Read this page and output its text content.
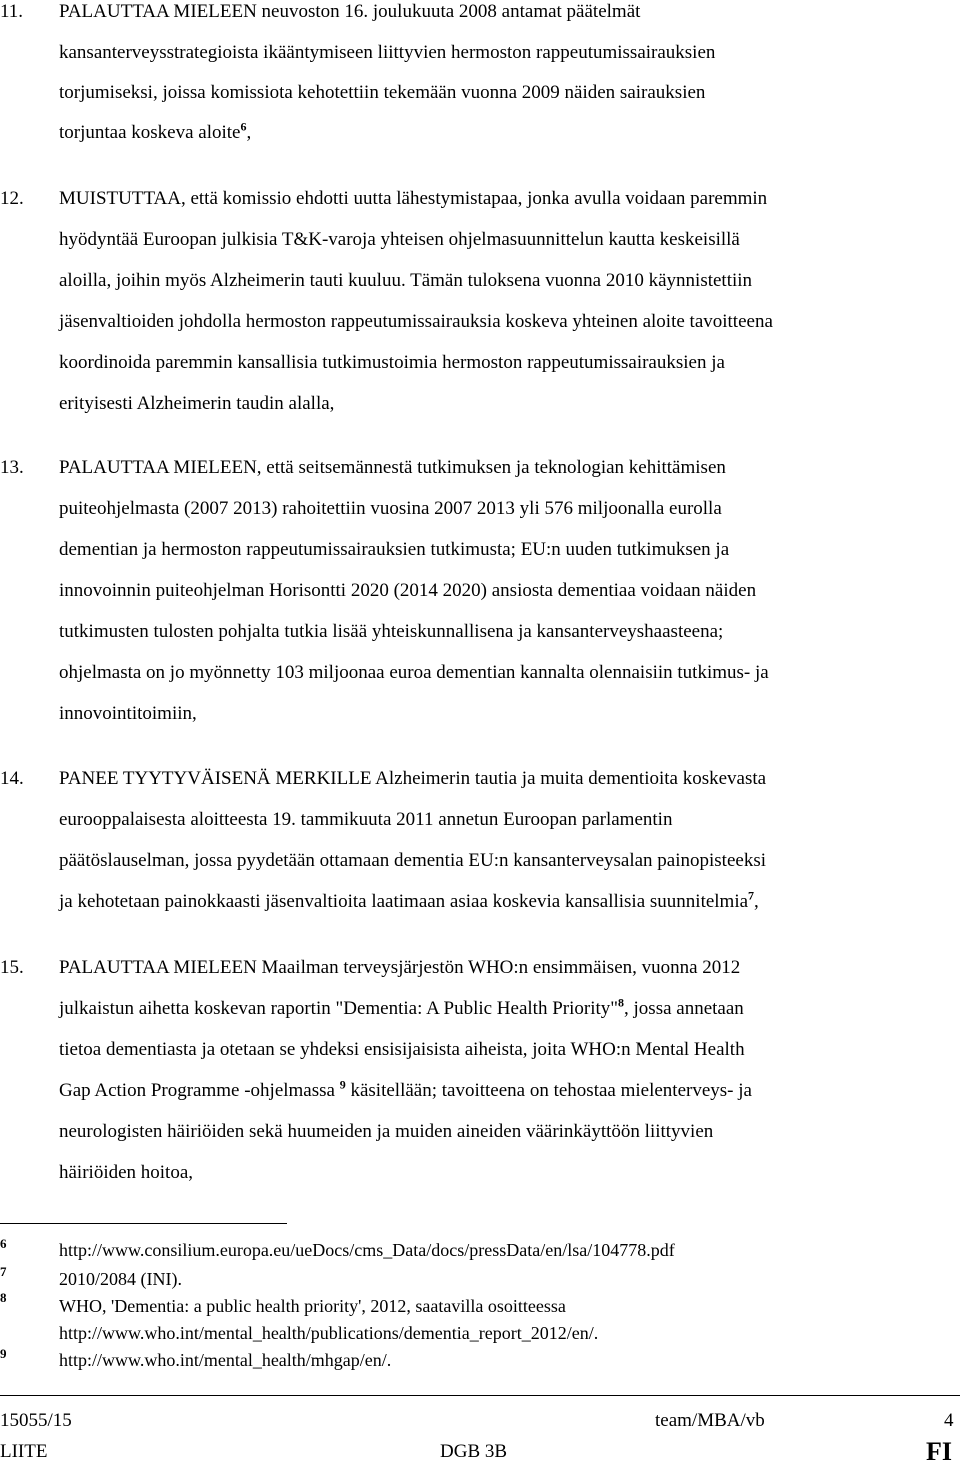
11. PALAUTTAA MIELEEN neuvoston 16. joulukuuta 2008 antamat päätelmät
kansanterveysstrategioista ikääntymiseen liittyvien hermoston rappeutumissairauksien
torjumiseksi, joissa komissiota kehotettiin tekemään vuonna 2009 näiden sairauksien
torjuntaa koskeva aloite$^6$,
12. MUISTUTTAA, että komissio ehdotti uutta lähestymistapaa, jonka avulla voidaan paremmin
hyödyntää Euroopan julkisia T&K-varoja yhteisen ohjelmasuunnittelun kautta keskeisillä
aloilla, joihin myös Alzheimerin tauti kuuluu. Tämän tuloksena vuonna 2010 käynnistettiin
jäsenvaltioiden johdolla hermoston rappeutumissairauksia koskeva yhteinen aloite tavoitteena
koordinoida paremmin kansallisia tutkimustoimia hermoston rappeutumissairauksien ja
erityisesti Alzheimerin taudin alalla,
13. PALAUTTAA MIELEEN, että seitsemännestä tutkimuksen ja teknologian kehittämisen
puiteohjelmasta (2007 2013) rahoitettiin vuosina 2007 2013 yli 576 miljoonalla eurolla
dementian ja hermoston rappeutumissairauksien tutkimusta; EU:n uuden tutkimuksen ja
innovoinnin puiteohjelman Horisontti 2020 (2014 2020) ansiosta dementiaa voidaan näiden
tutkimusten tulosten pohjalta tutkia lisää yhteiskunnallisena ja kansanterveyshaasteena;
ohjelmasta on jo myönnetty 103 miljoonaa euroa dementian kannalta olennaisiin tutkimus- ja
innovointitoimiin,
14. PANEE TYYTYVÄISENÄ MERKILLE Alzheimerin tautia ja muita dementioita koskevasta
eurooppalaisesta aloitteesta 19. tammikuuta 2011 annetun Euroopan parlamentin
päätöslauselman, jossa pyydetään ottamaan dementia EU:n kansanterveysalan painopisteeksi
ja kehotetaan painokkaasti jäsenvaltioita laatimaan asiaa koskevia kansallisia suunnitelmia$^7$,
15. PALAUTTAA MIELEEN Maailman terveysjärjestön WHO:n ensimmäisen, vuonna 2012
julkaistun aihetta koskevan raportin "Dementia: A Public Health Priority"$^8$, jossa annetaan
tietoa dementiasta ja otetaan se yhdeksi ensisijaisista aiheista, joita WHO:n Mental Health
Gap Action Programme -ohjelmassa $^9$ käsitellään; tavoitteena on tehostaa mielenterveys- ja
neurologisten häiriöiden sekä huumeiden ja muiden aineiden väärinkäyttöön liittyvien
häiriöiden hoitoa,
6	http://www.consilium.europa.eu/ueDocs/cms_Data/docs/pressData/en/lsa/104778.pdf
7	2010/2084 (INI).
8	WHO, 'Dementia: a public health priority', 2012, saatavilla osoitteessa
http://www.who.int/mental_health/publications/dementia_report_2012/en/.
9	http://www.who.int/mental_health/mhgap/en/.
15055/15	team/MBA/vb	4
LIITE	DGB 3B	FI
